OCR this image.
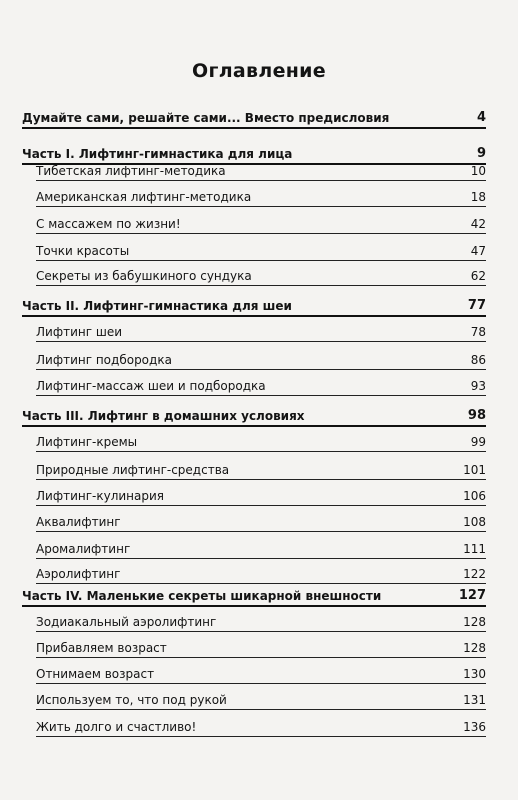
Оглавление
Думайте сами, решайте сами... Вместо предисловия	4
Часть I. Лифтинг-гимнастика для лица	9
Тибетская лифтинг-методика	10
Американская лифтинг-методика	18
С массажем по жизни!	42
Точки красоты	47
Секреты из бабушкиного сундука	62
Часть II. Лифтинг-гимнастика для шеи	77
Лифтинг шеи	78
Лифтинг подбородка	86
Лифтинг-массаж шеи и подбородка	93
Часть III. Лифтинг в домашних условиях	98
Лифтинг-кремы	99
Природные лифтинг-средства	101
Лифтинг-кулинария	106
Аквалифтинг	108
Аромалифтинг	111
Аэролифтинг	122
Часть IV. Маленькие секреты шикарной внешности	127
Зодиакальный аэролифтинг	128
Прибавляем возраст	128
Отнимаем возраст	130
Используем то, что под рукой	131
Жить долго и счастливо!	136
